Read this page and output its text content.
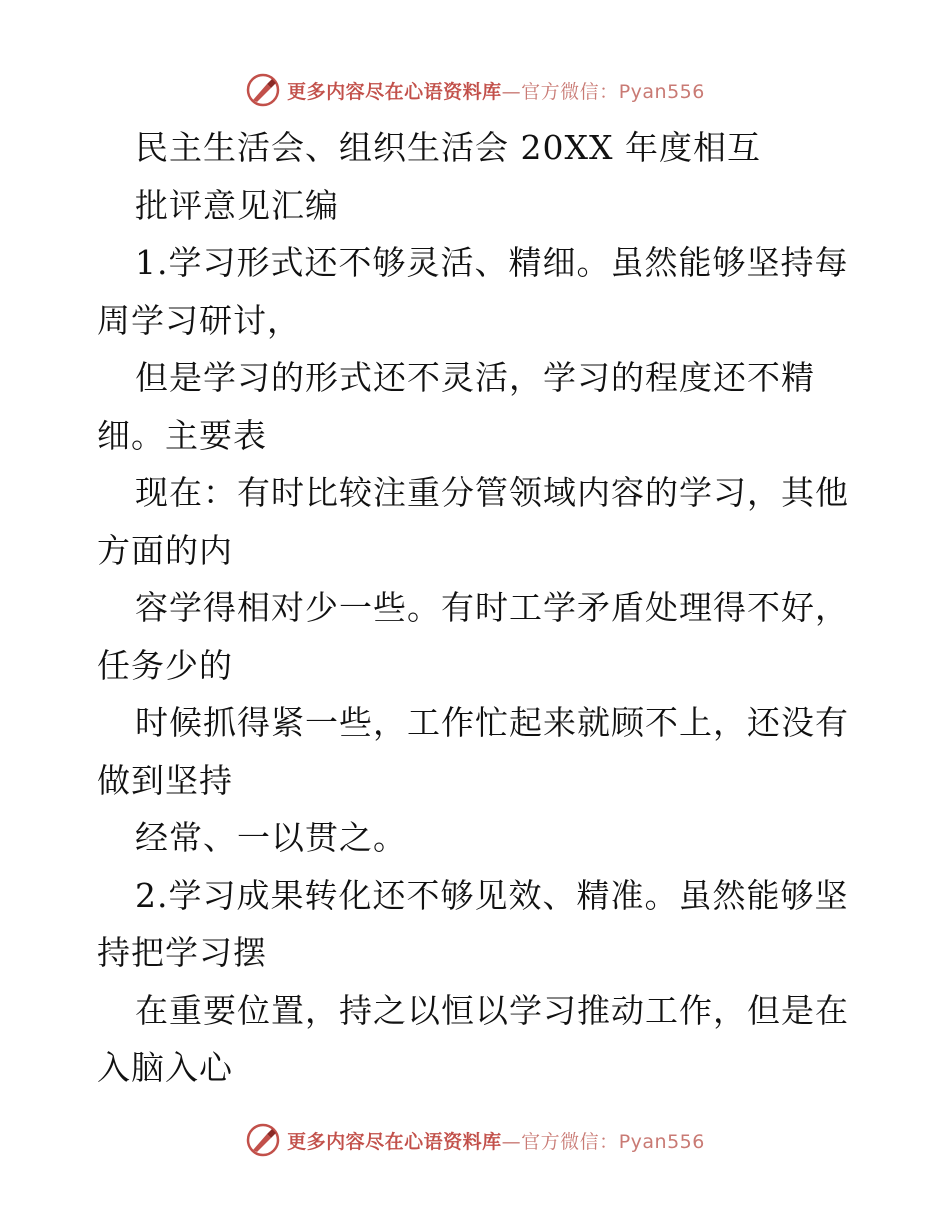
更多内容尽在心语资料库—官方微信：Pyan556
民主生活会、组织生活会 20XX 年度相互
批评意见汇编
1.学习形式还不够灵活、精细。虽然能够坚持每
周学习研讨，
但是学习的形式还不灵活，学习的程度还不精
细。主要表
现在：有时比较注重分管领域内容的学习，其他
方面的内
容学得相对少一些。有时工学矛盾处理得不好，
任务少的
时候抓得紧一些，工作忙起来就顾不上，还没有
做到坚持
经常、一以贯之。
2.学习成果转化还不够见效、精准。虽然能够坚
持把学习摆
在重要位置，持之以恒以学习推动工作，但是在
入脑入心
更多内容尽在心语资料库—官方微信：Pyan556
